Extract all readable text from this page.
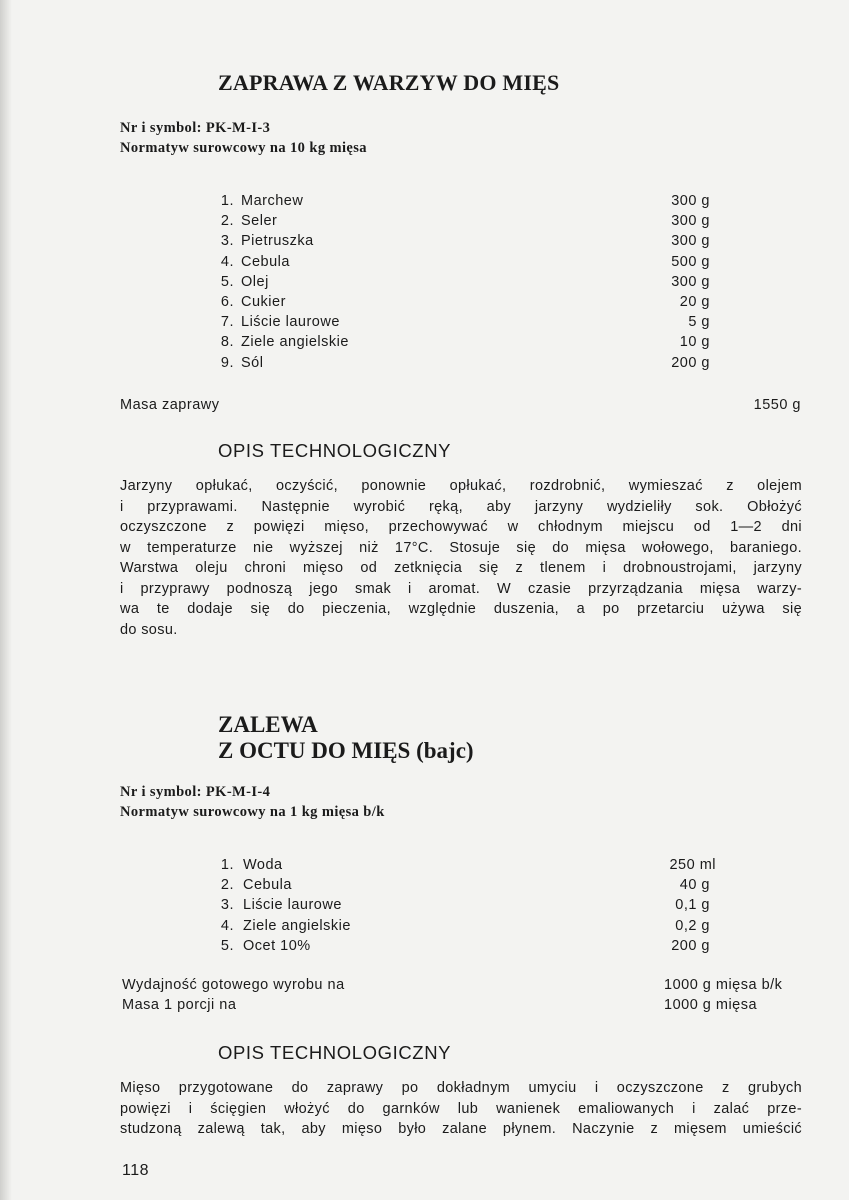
ZAPRAWA Z WARZYW DO MIĘS
Nr i symbol: PK-M-I-3
Normatyw surowcowy na 10 kg mięsa
1. Marchew	300 g
2. Seler	300 g
3. Pietruszka	300 g
4. Cebula	500 g
5. Olej	300 g
6. Cukier	20 g
7. Liście laurowe	5 g
8. Ziele angielskie	10 g
9. Sól	200 g
Masa zaprawy	1550 g
OPIS TECHNOLOGICZNY
Jarzyny opłukać, oczyścić, ponownie opłukać, rozdrobnić, wymieszać z olejem
i przyprawami. Następnie wyrobić ręką, aby jarzyny wydzieliły sok. Obłożyć
oczyszczone z powięzi mięso, przechowywać w chłodnym miejscu od 1—2 dni
w temperaturze nie wyższej niż 17°C. Stosuje się do mięsa wołowego, baraniego.
Warstwa oleju chroni mięso od zetknięcia się z tlenem i drobnoustrojami, jarzyny
i przyprawy podnoszą jego smak i aromat. W czasie przyrządzania mięsa warzy-
wa te dodaje się do pieczenia, względnie duszenia, a po przetarciu używa się
do sosu.
ZALEWA
Z OCTU DO MIĘS (bajc)
Nr i symbol: PK-M-I-4
Normatyw surowcowy na 1 kg mięsa b/k
1. Woda	250 ml
2. Cebula	40 g
3. Liście laurowe	0,1 g
4. Ziele angielskie	0,2 g
5. Ocet 10%	200 g
Wydajność gotowego wyrobu na	1000 g mięsa b/k
Masa 1 porcji na	1000 g mięsa
OPIS TECHNOLOGICZNY
Mięso przygotowane do zaprawy po dokładnym umyciu i oczyszczone z grubych
powięzi i ścięgien włożyć do garnków lub wanienek emaliowanych i zalać prze-
studzoną zalewą tak, aby mięso było zalane płynem. Naczynie z mięsem umieścić
118
